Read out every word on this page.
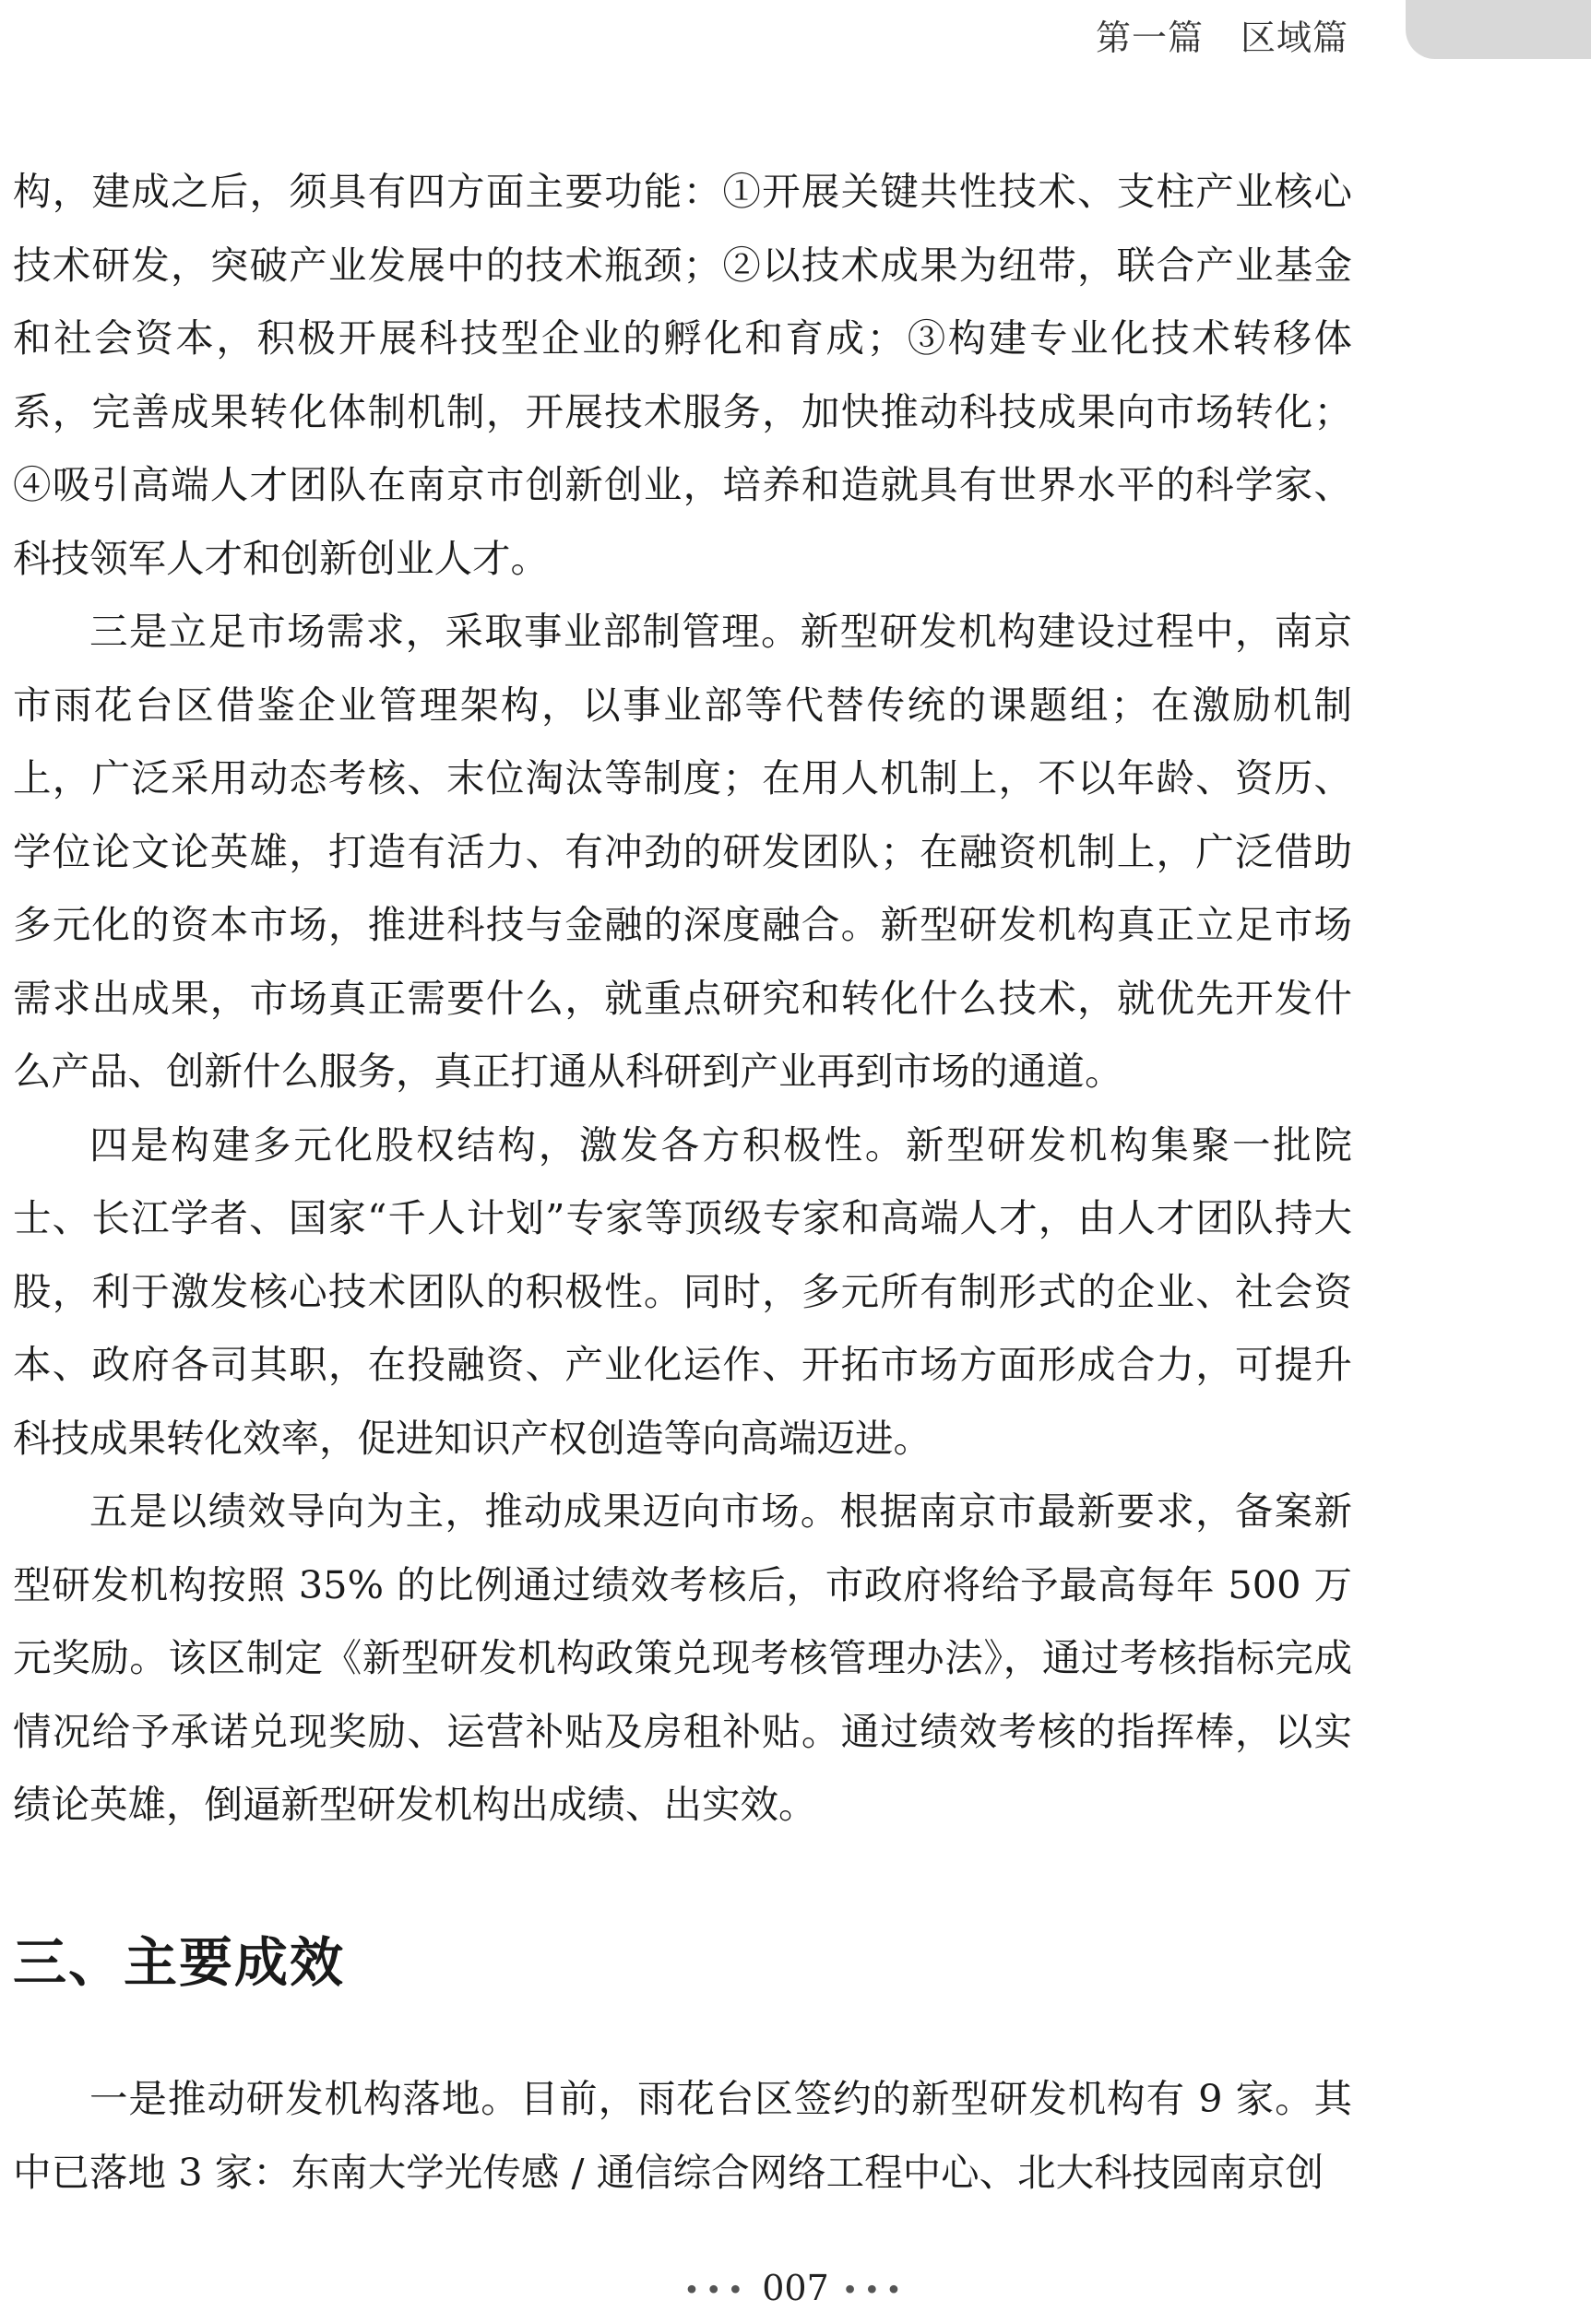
第一篇 区域篇

构，建成之后，须具有四方面主要功能：①开展关键共性技术、支柱产业核心技术研发，突破产业发展中的技术瓶颈；②以技术成果为纽带，联合产业基金和社会资本，积极开展科技型企业的孵化和育成；③构建专业化技术转移体系，完善成果转化体制机制，开展技术服务，加快推动科技成果向市场转化；④吸引高端人才团队在南京市创新创业，培养和造就具有世界水平的科学家、科技领军人才和创新创业人才。

三是立足市场需求，采取事业部制管理。新型研发机构建设过程中，南京市雨花台区借鉴企业管理架构，以事业部等代替传统的课题组；在激励机制上，广泛采用动态考核、末位淘汰等制度；在用人机制上，不以年龄、资历、学位论文论英雄，打造有活力、有冲劲的研发团队；在融资机制上，广泛借助多元化的资本市场，推进科技与金融的深度融合。新型研发机构真正立足市场需求出成果，市场真正需要什么，就重点研究和转化什么技术，就优先开发什么产品、创新什么服务，真正打通从科研到产业再到市场的通道。

四是构建多元化股权结构，激发各方积极性。新型研发机构集聚一批院士、长江学者、国家“千人计划”专家等顶级专家和高端人才，由人才团队持大股，利于激发核心技术团队的积极性。同时，多元所有制形式的企业、社会资本、政府各司其职，在投融资、产业化运作、开拓市场方面形成合力，可提升科技成果转化效率，促进知识产权创造等向高端迈进。

五是以绩效导向为主，推动成果迈向市场。根据南京市最新要求，备案新型研发机构按照 35% 的比例通过绩效考核后，市政府将给予最高每年 500 万元奖励。该区制定《新型研发机构政策兑现考核管理办法》，通过考核指标完成情况给予承诺兑现奖励、运营补贴及房租补贴。通过绩效考核的指挥棒，以实绩论英雄，倒逼新型研发机构出成绩、出实效。

三、主要成效

一是推动研发机构落地。目前，雨花台区签约的新型研发机构有 9 家。其中已落地 3 家：东南大学光传感 / 通信综合网络工程中心、北大科技园南京创

••• 007 •••
